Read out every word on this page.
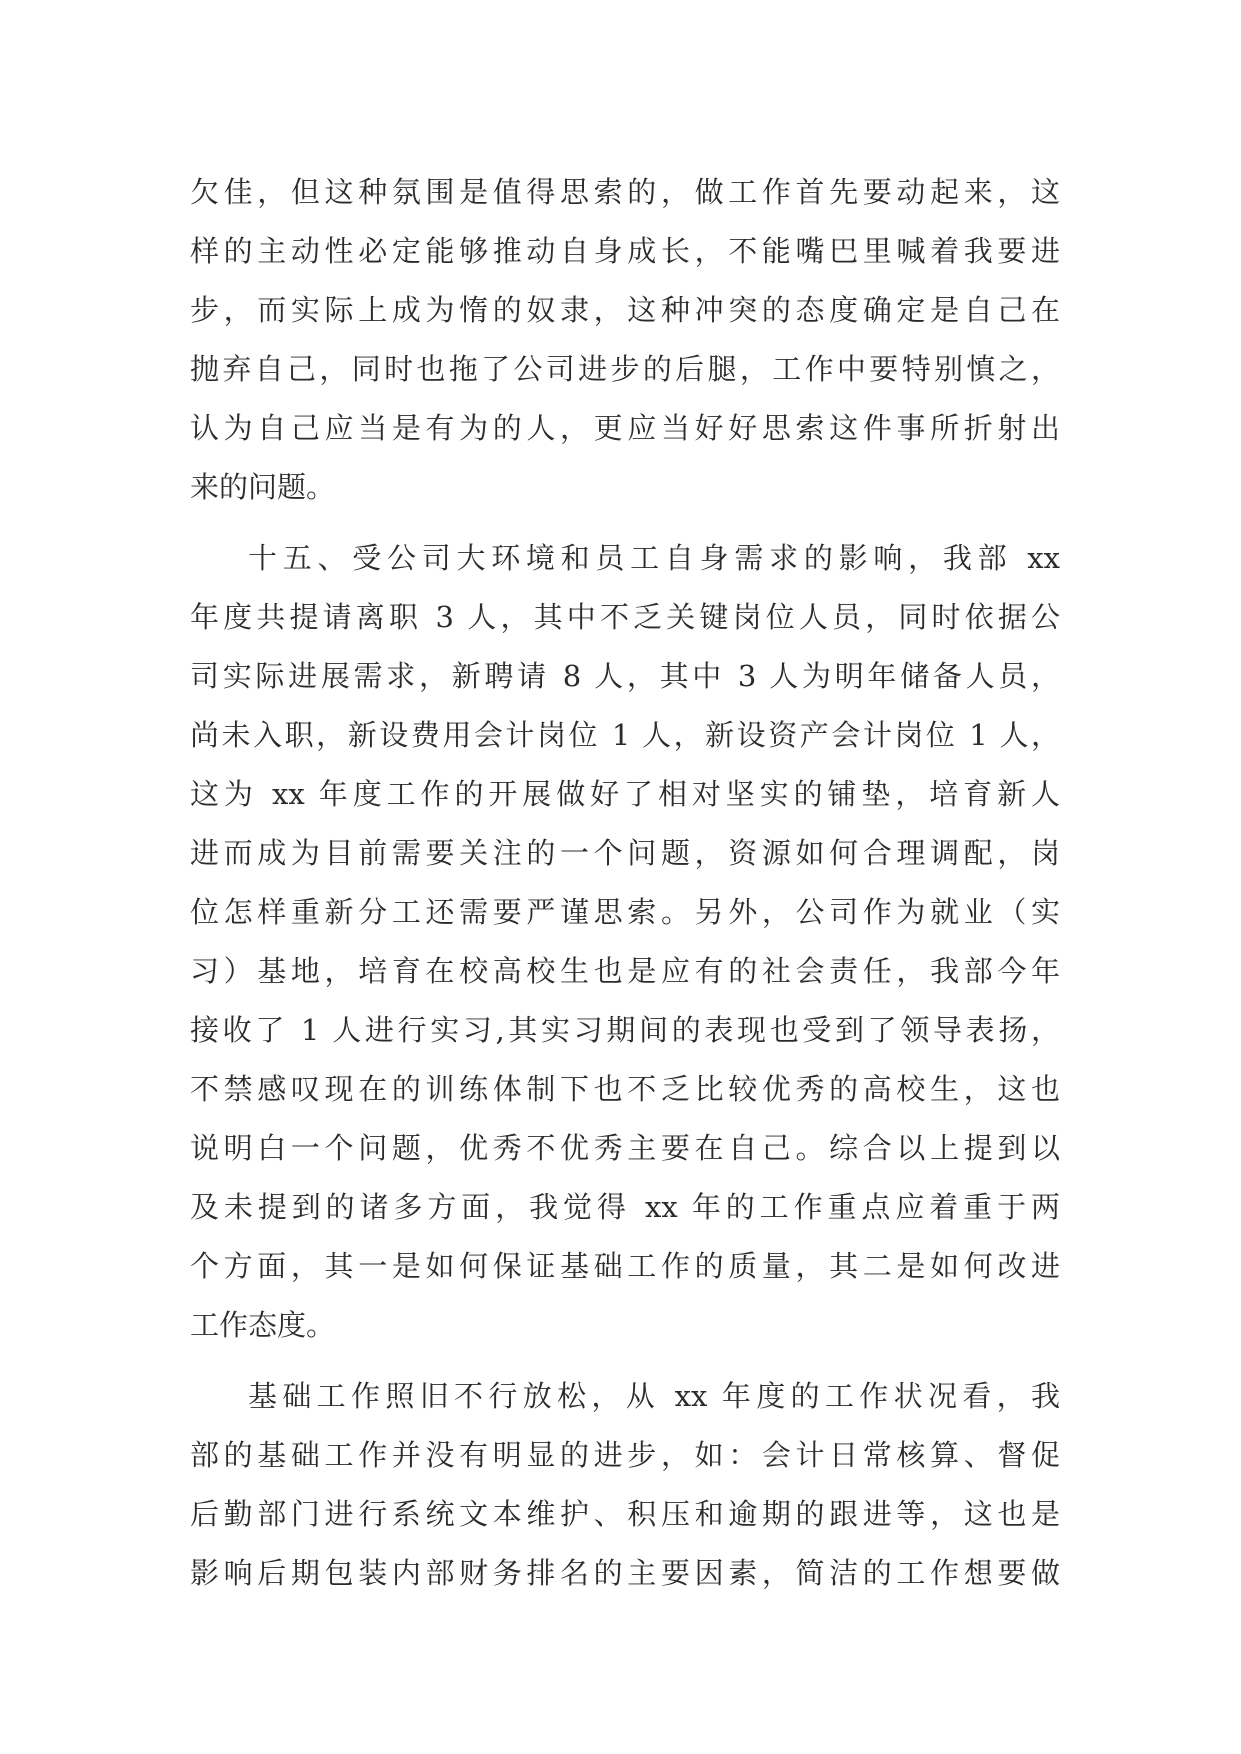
欠佳，但这种氛围是值得思索的，做工作首先要动起来，这
样的主动性必定能够推动自身成长，不能嘴巴里喊着我要进
步，而实际上成为惰的奴隶，这种冲突的态度确定是自己在
抛弃自己，同时也拖了公司进步的后腿，工作中要特别慎之，
认为自己应当是有为的人，更应当好好思索这件事所折射出
来的问题。
十五、受公司大环境和员工自身需求的影响，我部 xx
年度共提请离职 3 人，其中不乏关键岗位人员，同时依据公
司实际进展需求，新聘请 8 人，其中 3 人为明年储备人员，
尚未入职，新设费用会计岗位 1 人，新设资产会计岗位 1 人，
这为 xx 年度工作的开展做好了相对坚实的铺垫，培育新人
进而成为目前需要关注的一个问题，资源如何合理调配，岗
位怎样重新分工还需要严谨思索。另外，公司作为就业（实
习）基地，培育在校高校生也是应有的社会责任，我部今年
接收了 1 人进行实习,其实习期间的表现也受到了领导表扬，
不禁感叹现在的训练体制下也不乏比较优秀的高校生，这也
说明白一个问题，优秀不优秀主要在自己。综合以上提到以
及未提到的诸多方面，我觉得 xx 年的工作重点应着重于两
个方面，其一是如何保证基础工作的质量，其二是如何改进
工作态度。
基础工作照旧不行放松，从 xx 年度的工作状况看，我
部的基础工作并没有明显的进步，如：会计日常核算、督促
后勤部门进行系统文本维护、积压和逾期的跟进等，这也是
影响后期包装内部财务排名的主要因素，简洁的工作想要做
